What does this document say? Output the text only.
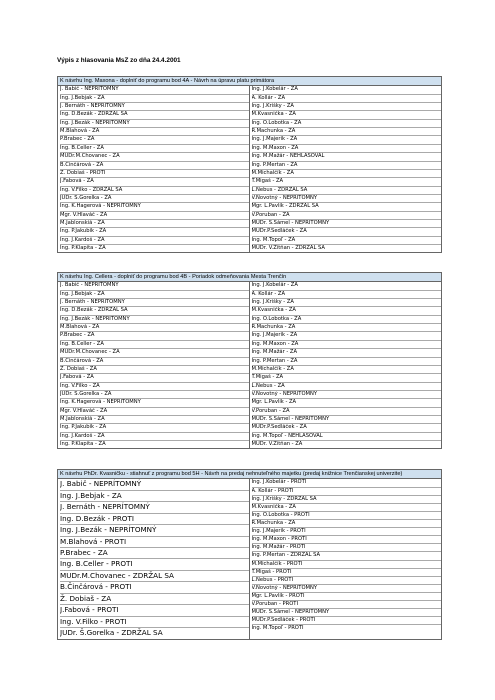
Výpis z hlasovania MsZ zo dňa 24.4.2001
K návrhu Ing. Maxona - doplniť do programu bod 4A - Návrh na úpravu platu primátora
J. Babič - NEPRÍTOMNÝ
Ing. J.Bebjak - ZA
J. Bernáth - NEPRÍTOMNÝ
Ing. D.Bezák - ZDRŽAL SA
Ing. J.Bezák - NEPRÍTOMNÝ
M.Blahová - ZA
P.Brabec - ZA
Ing. B.Celler - ZA
MUDr.M.Chovanec - ZA
B.Činčárová - ZA
Ž. Dobiaš - PROTI
J.Fabová - ZA
Ing. V.Filko - ZDRŽAL SA
JUDr. Š.Gorelka - ZA
Ing. K.Hagerová - NEPRÍTOMNÝ
Mgr. V.Hlaváč - ZA
M.Jablonskiá - ZA
Ing. P.Jakubík - ZA
Ing. J.Kardoš - ZA
Ing. P.Klapita - ZA
Ing. J.Kobelár - ZA
A. Kollár - ZA
Ing. J.Krišky - ZA
M.Kvasnička - ZA
Ing. O.Lobotka - ZA
R.Machunka - ZA
Ing. J.Majerík - ZA
Ing. M.Maxon - ZA
Ing. M.Mažár - NEHLASOVAL
Ing. P.Mertan - ZA
M.Michalčík - ZA
T.Migaš - ZA
L.Nebus - ZDRŽAL SA
V.Novotný - NEPRÍTOMNÝ
Mgr. L.Pavlík - ZDRŽAL SA
V.Poruban - ZA
MUDr. Š.Sámel - NEPRÍTOMNÝ
MUDr.P.Sedláček - ZA
Ing. M.Topoľ - ZA
MUDr. V.Žitňan - ZDRŽAL SA
K návrhu Ing. Cellera - doplniť do programu bod 4B - Poriadok odmeňovania Mesta Trenčín
J. Babič - NEPRÍTOMNÝ
Ing. J.Bebjak - ZA
J. Bernáth - NEPRÍTOMNÝ
Ing. D.Bezák - ZDRŽAL SA
Ing. J.Bezák - NEPRÍTOMNÝ
M.Blahová - ZA
P.Brabec - ZA
Ing. B.Celler - ZA
MUDr.M.Chovanec - ZA
B.Činčárová - ZA
Ž. Dobiaš - ZA
J.Fabová - ZA
Ing. V.Filko - ZA
JUDr. Š.Gorelka - ZA
Ing. K.Hagerová - NEPRÍTOMNÝ
Mgr. V.Hlaváč - ZA
M.Jablonskiá - ZA
Ing. P.Jakubík - ZA
Ing. J.Kardoš - ZA
Ing. P.Klapita - ZA
Ing. J.Kobelár - ZA
A. Kollár - ZA
Ing. J.Krišky - ZA
M.Kvasnička - ZA
Ing. O.Lobotka - ZA
R.Machunka - ZA
Ing. J.Majerík - ZA
Ing. M.Maxon - ZA
Ing. M.Mažár - ZA
Ing. P.Mertan - ZA
M.Michalčík - ZA
T.Migaš - ZA
L.Nebus - ZA
V.Novotný - NEPRÍTOMNÝ
Mgr. L.Pavlík - ZA
V.Poruban - ZA
MUDr. Š.Sámel - NEPRÍTOMNÝ
MUDr.P.Sedláček - ZA
Ing. M.Topoľ - NEHLASOVAL
MUDr. V.Žitňan - ZA
K návrhu PhDr. Kvasničku - stiahnuť z programu bod 5H - Návrh na predaj nehnuteľného majetku (predaj knižnice Trenčianskej univerzite)
J. Babič - NEPRÍTOMNÝ
Ing. J.Bebjak - ZA
J. Bernáth - NEPRÍTOMNÝ
Ing. D.Bezák - PROTI
Ing. J.Bezák - NEPRÍTOMNÝ
M.Blahová - PROTI
P.Brabec - ZA
Ing. B.Celler - PROTI
MUDr.M.Chovanec - ZDRŽAL SA
B.Činčárová - PROTI
Ž. Dobiaš - ZA
J.Fabová - PROTI
Ing. V.Filko - PROTI
JUDr. Š.Gorelka - ZDRŽAL SA
Ing. J.Kobelár - PROTI
A. Kollár - PROTI
Ing. J.Krišky - ZDRŽAL SA
M.Kvasnička - ZA
Ing. O.Lobotka - PROTI
R.Machunka - ZA
Ing. J.Majerík - PROTI
Ing. M.Maxon - PROTI
Ing. M.Mažár - PROTI
Ing. P.Mertan - ZDRŽAL SA
M.Michalčík - PROTI
T.Migaš - PROTI
L.Nebus - PROTI
V.Novotný - NEPRÍTOMNÝ
Mgr. L.Pavlík - PROTI
V.Poruban - PROTI
MUDr. Š.Sámel - NEPRÍTOMNÝ
MUDr.P.Sedláček - PROTI
Ing. M.Topoľ - PROTI
